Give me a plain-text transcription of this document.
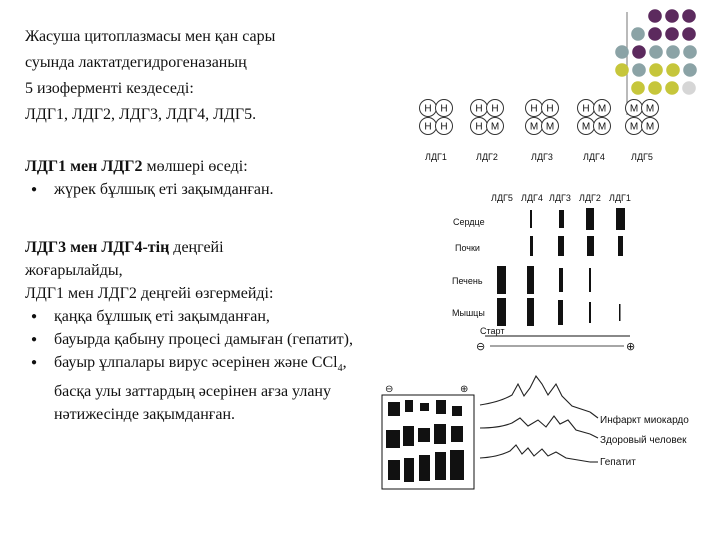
Жасуша цитоплазмасы мен қан сары
суында лактатдегидрогеназаның
5 изоферменті кездеседі:
ЛДГ1, ЛДГ2, ЛДГ3, ЛДГ4, ЛДГ5.
ЛДГ1 мен ЛДГ2 мөлшері өседі:
● жүрек бұлшық еті зақымданған.
ЛДГ3 мен ЛДГ4-тің деңгейі
жоғарылайды,
ЛДГ1 мен ЛДГ2 деңгейі өзгермейді:
● қаңқа бұлшық еті зақымданған,
● бауырда қабыну процесі дамыған (гепатит),
● бауыр ұлпалары вирус әсерінен және CCl$_4$, басқа улы заттардың әсерінен ағза улану нәтижесінде зақымданған.
Н Н
Н Н
ЛДГ1
Н Н
Н М
ЛДГ2
Н Н
М М
ЛДГ3
Н М
М М
ЛДГ4
М М
М М
ЛДГ5
ЛДГ5 ЛДГ4 ЛДГ3 ЛДГ2 ЛДГ1
Сердце
Почки
Печень
Мышцы
Старт
⊖	⊕
⊖	⊕
Инфаркт миокардо
Здоровый человек
Гепатит
